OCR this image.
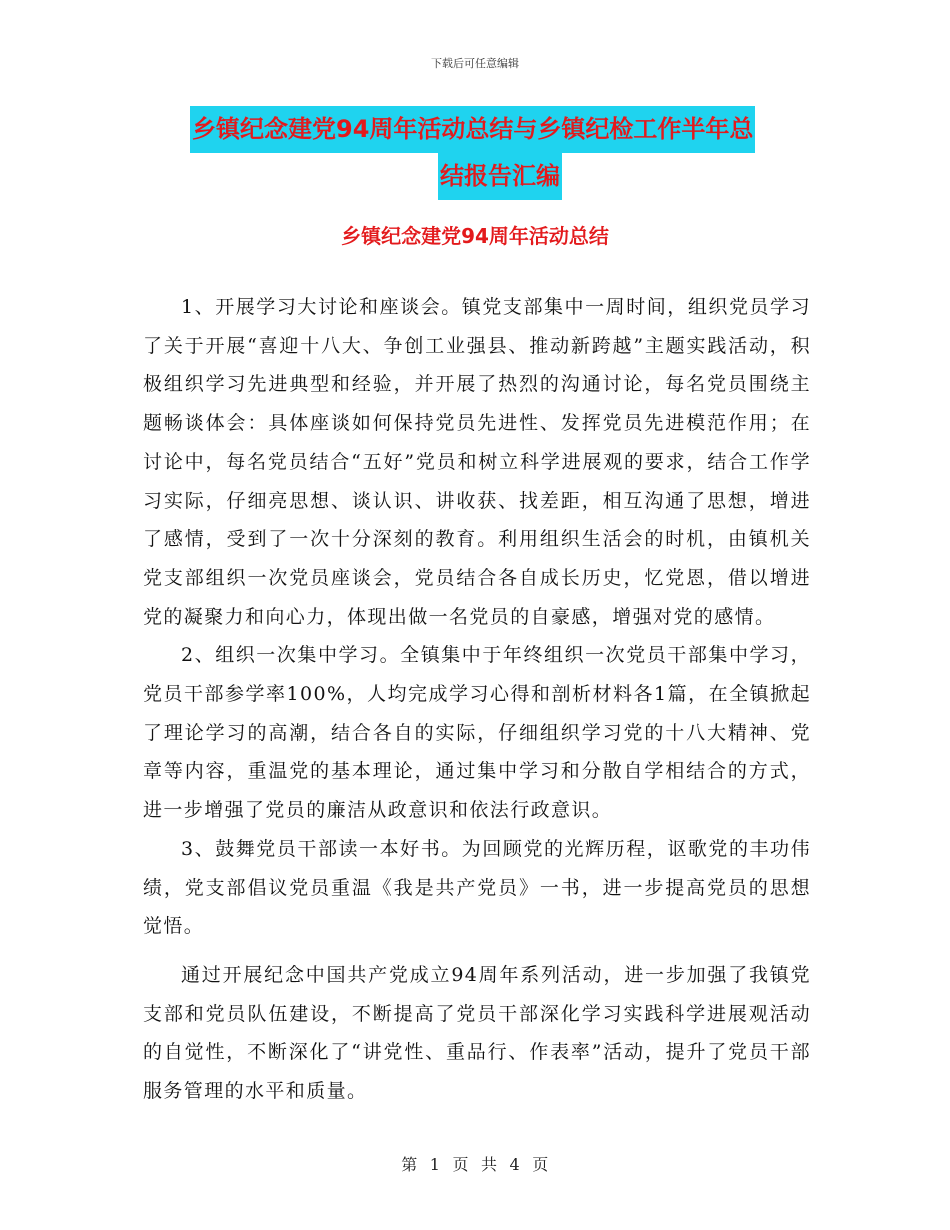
下载后可任意编辑
乡镇纪念建党94周年活动总结与乡镇纪检工作半年总
结报告汇编
乡镇纪念建党94周年活动总结

1、开展学习大讨论和座谈会。镇党支部集中一周时间，组织党员学习了关于开展“喜迎十八大、争创工业强县、推动新跨越”主题实践活动，积极组织学习先进典型和经验，并开展了热烈的沟通讨论，每名党员围绕主题畅谈体会：具体座谈如何保持党员先进性、发挥党员先进模范作用；在讨论中，每名党员结合“五好”党员和树立科学进展观的要求，结合工作学习实际，仔细亮思想、谈认识、讲收获、找差距，相互沟通了思想，增进了感情，受到了一次十分深刻的教育。利用组织生活会的时机，由镇机关党支部组织一次党员座谈会，党员结合各自成长历史，忆党恩，借以增进党的凝聚力和向心力，体现出做一名党员的自豪感，增强对党的感情。

2、组织一次集中学习。全镇集中于年终组织一次党员干部集中学习，党员干部参学率100%，人均完成学习心得和剖析材料各1篇，在全镇掀起了理论学习的高潮，结合各自的实际，仔细组织学习党的十八大精神、党章等内容，重温党的基本理论，通过集中学习和分散自学相结合的方式，进一步增强了党员的廉洁从政意识和依法行政意识。

3、鼓舞党员干部读一本好书。为回顾党的光辉历程，讴歌党的丰功伟绩，党支部倡议党员重温《我是共产党员》一书，进一步提高党员的思想觉悟。

通过开展纪念中国共产党成立94周年系列活动，进一步加强了我镇党支部和党员队伍建设，不断提高了党员干部深化学习实践科学进展观活动的自觉性，不断深化了“讲党性、重品行、作表率”活动，提升了党员干部服务管理的水平和质量。

第 1 页 共 4 页
